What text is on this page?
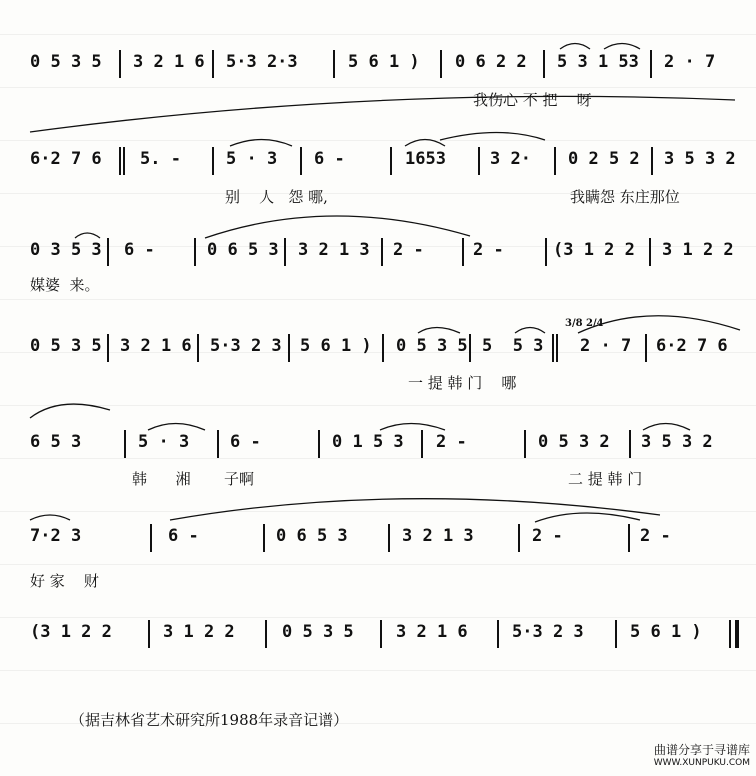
0 5 3 5 3 2 1 6 5·3 2·3	5 6 1 ) 0 6 2 2 5 3 1 53 2 · 7
我伤心 不 把    呀
6·2 7 6 5. -	5 · 3 6 -	1653	3 2· 0 2 5 2 3 5 3 2
别    人   怨 哪,	我瞒怨 东庄那位
0 3 5 3 6 -	0 6 5 3 3 2 1 3 2 -	2 -	(3 1 2 2 3 1 2 2
媒婆  来。
0 5 3 5 3 2 1 6 5·3 2 3 5 6 1 ) 0 5 3 5 5  5 3 2 · 7 6·2 7 6
一 提 韩 门    哪
3/8 2/4
6 5 3	5 · 3 6 -	0 1 5 3 2 -	0 5 3 2 3 5 3 2
韩      湘       子啊	二 提 韩 门
7·2 3	6 -	0 6 5 3	3 2 1 3	2 -	2 -
好 家    财
(3 1 2 2	3 1 2 2	0 5 3 5 3 2 1 6	5·3 2 3	5 6 1 )
（据吉林省艺术研究所1988年录音记谱）
曲谱分享于寻谱库
WWW.XUNPUKU.COM
